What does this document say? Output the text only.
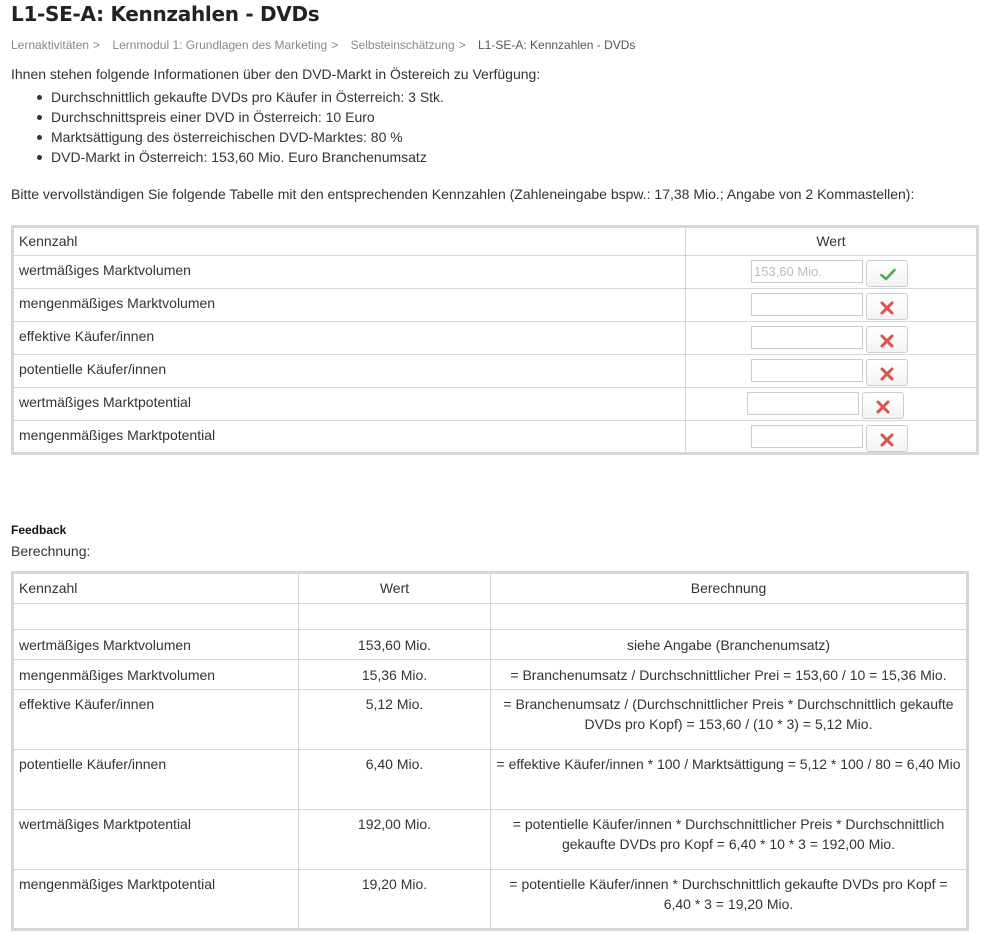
L1-SE-A: Kennzahlen - DVDs
Lernaktivitäten > Lernmodul 1: Grundlagen des Marketing > Selbsteinschätzung > L1-SE-A: Kennzahlen - DVDs
Ihnen stehen folgende Informationen über den DVD-Markt in Östereich zu Verfügung:
Durchschnittlich gekaufte DVDs pro Käufer in Österreich: 3 Stk.
Durchschnittspreis einer DVD in Österreich: 10 Euro
Marktsättigung des österreichischen DVD-Marktes: 80 %
DVD-Markt in Österreich: 153,60 Mio. Euro Branchenumsatz
Bitte vervollständigen Sie folgende Tabelle mit den entsprechenden Kennzahlen (Zahleneingabe bspw.: 17,38 Mio.; Angabe von 2 Kommastellen):
Kennzahl	Wert
wertmäßiges Marktvolumen	153,60 Mio.

mengenmäßiges Marktvolumen	

effektive Käufer/innen	

potentielle Käufer/innen	

wertmäßiges Marktpotential	

mengenmäßiges Marktpotential	
Feedback
Berechnung:
Kennzahl	Wert	Berechnung

wertmäßiges Marktvolumen	153,60 Mio.	siehe Angabe (Branchenumsatz)
mengenmäßiges Marktvolumen	15,36 Mio.	= Branchenumsatz / Durchschnittlicher Prei = 153,60 / 10 = 15,36 Mio.
effektive Käufer/innen	5,12 Mio.	= Branchenumsatz / (Durchschnittlicher Preis * Durchschnittlich gekaufte DVDs pro Kopf) = 153,60 / (10 * 3) = 5,12 Mio.
potentielle Käufer/innen	6,40 Mio.	= effektive Käufer/innen * 100 / Marktsättigung = 5,12 * 100 / 80 = 6,40 Mio
wertmäßiges Marktpotential	192,00 Mio.	= potentielle Käufer/innen * Durchschnittlicher Preis * Durchschnittlich gekaufte DVDs pro Kopf = 6,40 * 10 * 3 = 192,00 Mio.
mengenmäßiges Marktpotential	19,20 Mio.	= potentielle Käufer/innen * Durchschnittlich gekaufte DVDs pro Kopf = 6,40 * 3 = 19,20 Mio.
